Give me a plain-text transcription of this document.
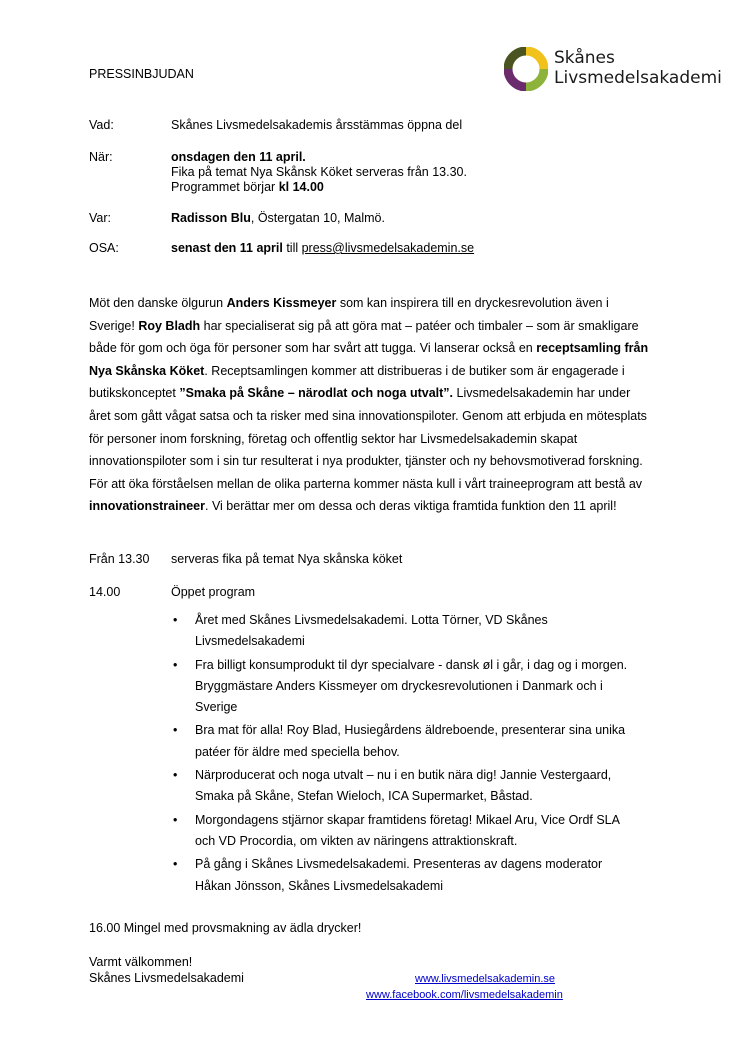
Skånes
Livsmedelsakademi
PRESSINBJUDAN
Vad:	Skånes Livsmedelsakademis årsstämmas öppna del
När:	onsdagen den 11 april.
Fika på temat Nya Skånsk Köket serveras från 13.30.
Programmet börjar kl 14.00
Var:	Radisson Blu, Östergatan 10, Malmö.
OSA:	senast den 11 april till press@livsmedelsakademin.se
Möt den danske ölgurun Anders Kissmeyer som kan inspirera till en dryckesrevolution även i Sverige! Roy Bladh har specialiserat sig på att göra mat – patéer och timbaler – som är smakligare både för gom och öga för personer som har svårt att tugga. Vi lanserar också en receptsamling från Nya Skånska Köket. Receptsamlingen kommer att distribueras i de butiker som är engagerade i butikskonceptet ”Smaka på Skåne – närodlat och noga utvalt”. Livsmedelsakademin har under året som gått vågat satsa och ta risker med sina innovationspiloter. Genom att erbjuda en mötesplats för personer inom forskning, företag och offentlig sektor har Livsmedelsakademin skapat innovationspiloter som i sin tur resulterat i nya produkter, tjänster och ny behovsmotiverad forskning. För att öka förståelsen mellan de olika parterna kommer nästa kull i vårt traineeprogram att bestå av innovationstraineer. Vi berättar mer om dessa och deras viktiga framtida funktion den 11 april!
Från 13.30 serveras fika på temat Nya skånska köket
14.00	Öppet program
• Året med Skånes Livsmedelsakademi. Lotta Törner, VD Skånes Livsmedelsakademi
• Fra billigt konsumprodukt til dyr specialvare - dansk øl i går, i dag og i morgen. Bryggmästare Anders Kissmeyer om dryckesrevolutionen i Danmark och i Sverige
• Bra mat för alla! Roy Blad, Husiegårdens äldreboende, presenterar sina unika patéer för äldre med speciella behov.
• Närproducerat och noga utvalt – nu i en butik nära dig! Jannie Vestergaard, Smaka på Skåne, Stefan Wieloch, ICA Supermarket, Båstad.
• Morgondagens stjärnor skapar framtidens företag! Mikael Aru, Vice Ordf SLA och VD Procordia, om vikten av näringens attraktionskraft.
• På gång i Skånes Livsmedelsakademi. Presenteras av dagens moderator Håkan Jönsson, Skånes Livsmedelsakademi
16.00 Mingel med provsmakning av ädla drycker!
Varmt välkommen!
Skånes Livsmedelsakademi	www.livsmedelsakademin.se
www.facebook.com/livsmedelsakademin
